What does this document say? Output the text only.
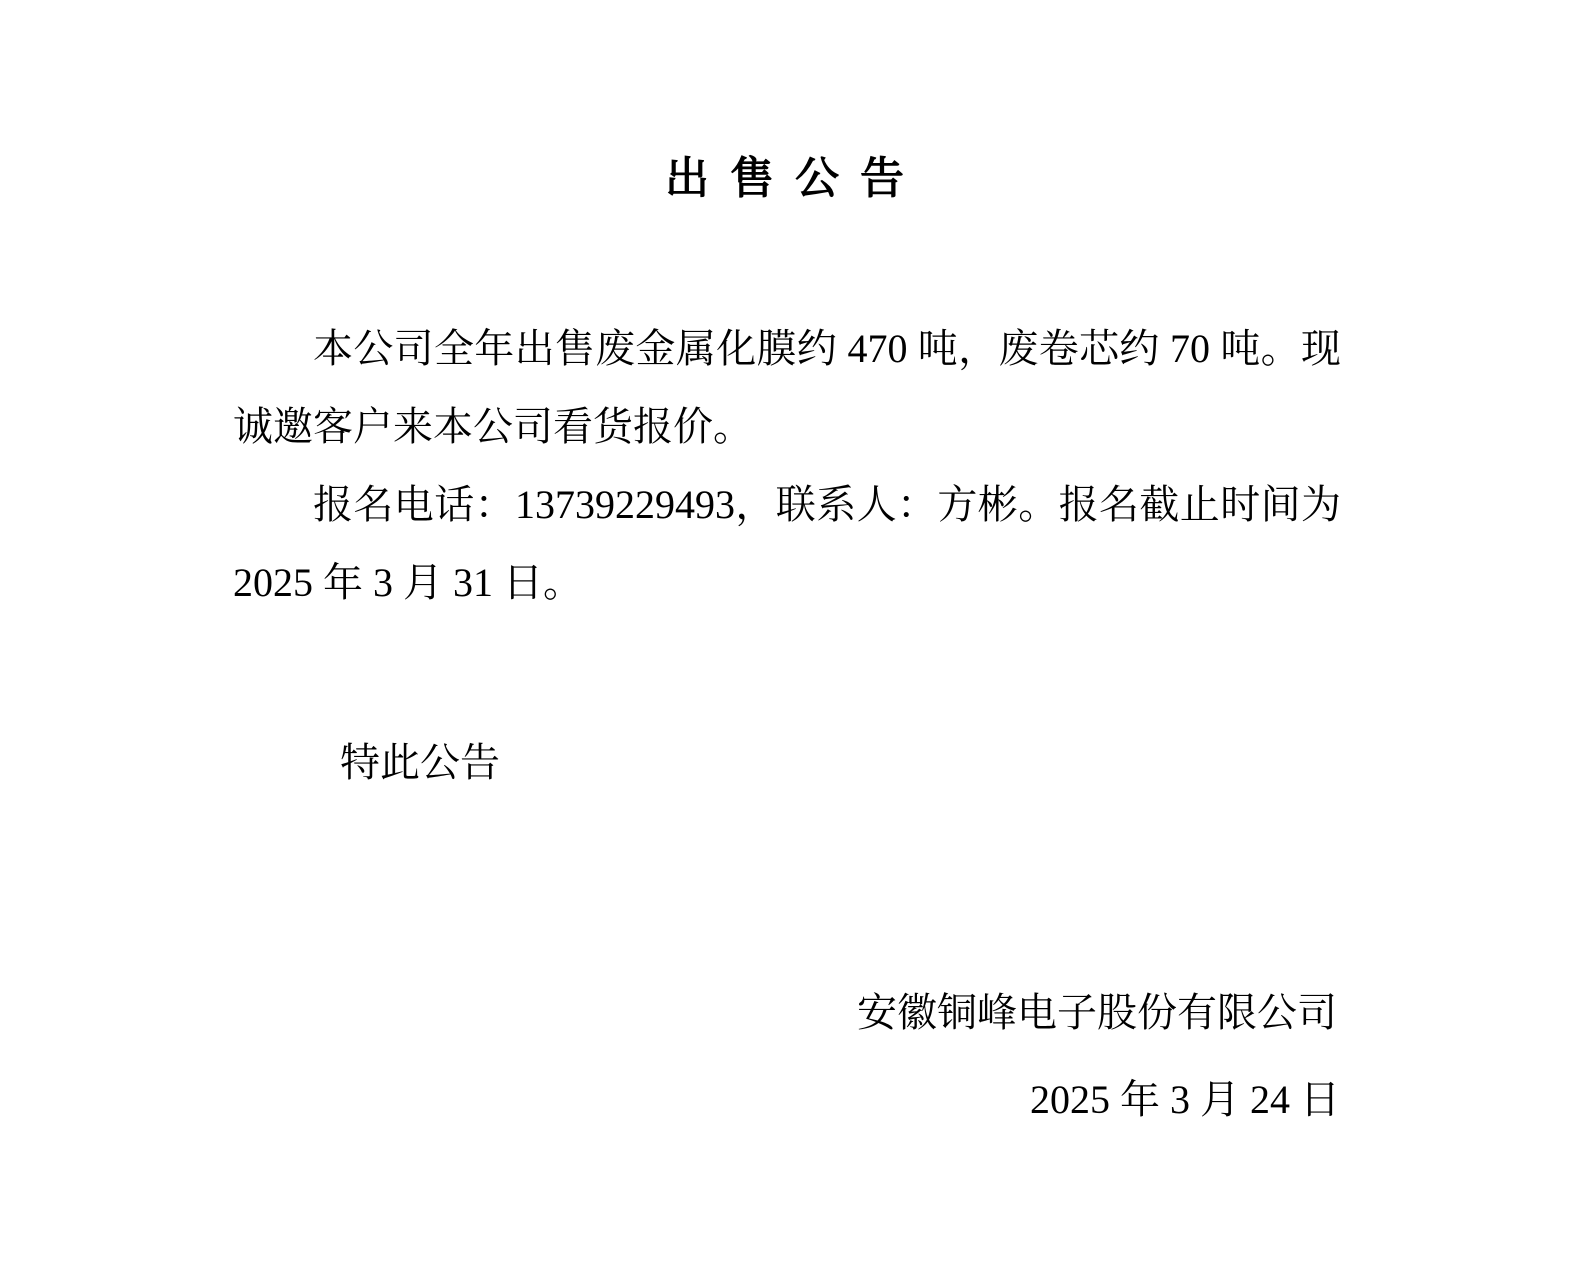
出 售 公 告
本公司全年出售废金属化膜约 470 吨，废卷芯约 70 吨。现
诚邀客户来本公司看货报价。
报名电话：13739229493，联系人：方彬。报名截止时间为
2025 年 3 月 31 日。
特此公告
安徽铜峰电子股份有限公司
2025 年 3 月 24 日
